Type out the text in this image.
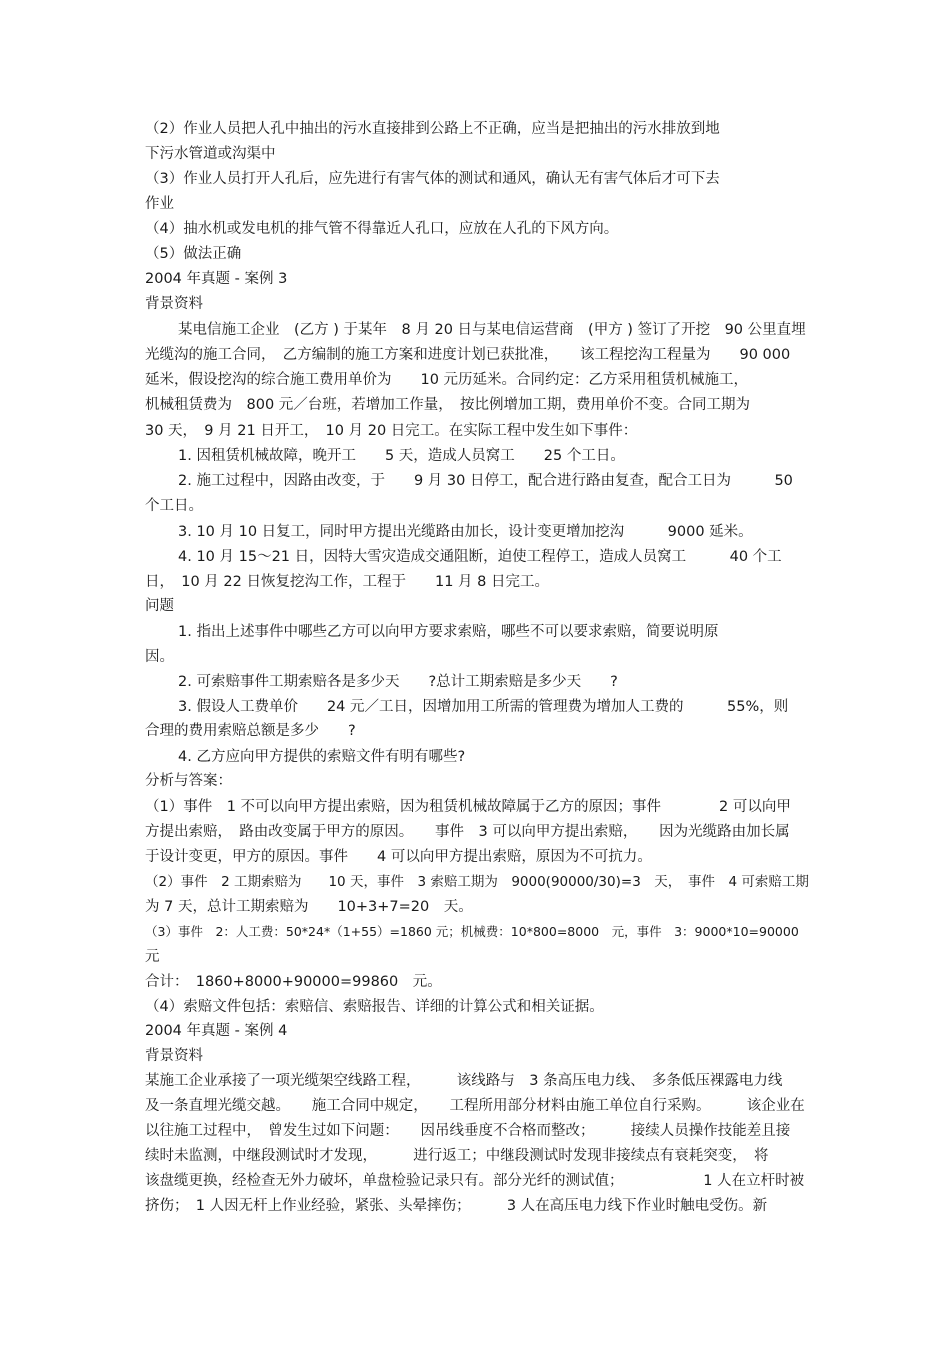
（2）作业人员把人孔中抽出的污水直接排到公路上不正确，应当是把抽出的污水排放到地
下污水管道或沟渠中
（3）作业人员打开人孔后，应先进行有害气体的测试和通风，确认无有害气体后才可下去
作业
（4）抽水机或发电机的排气管不得靠近人孔口，应放在人孔的下风方向。
（5）做法正确
2004 年真题 - 案例 3
背景资料
某电信施工企业　(乙方 ) 于某年　8 月 20 日与某电信运营商　(甲方 ) 签订了开挖　90 公里直埋
光缆沟的施工合同，　乙方编制的施工方案和进度计划已获批准，　　该工程挖沟工程量为　　90 000
延米，假设挖沟的综合施工费用单价为　　10 元历延米。合同约定：乙方采用租赁机械施工，
机械租赁费为　800 元／台班，若增加工作量，　按比例增加工期，费用单价不变。合同工期为
30 天，　9 月 21 日开工，　10 月 20 日完工。在实际工程中发生如下事件：
1. 因租赁机械故障，晚开工　　5 天，造成人员窝工　　25 个工日。
2. 施工过程中，因路由改变，于　　9 月 30 日停工，配合进行路由复查，配合工日为　　　50
个工日。
3. 10 月 10 日复工，同时甲方提出光缆路由加长，设计变更增加挖沟　　　9000 延米。
4. 10 月 15～21 日，因特大雪灾造成交通阻断，迫使工程停工，造成人员窝工　　　40 个工
日，　10 月 22 日恢复挖沟工作，工程于　　11 月 8 日完工。
问题
1. 指出上述事件中哪些乙方可以向甲方要求索赔，哪些不可以要求索赔，简要说明原
因。
2. 可索赔事件工期索赔各是多少天　　?总计工期索赔是多少天　　?
3. 假设人工费单价　　24 元／工日，因增加用工所需的管理费为增加人工费的　　　55%，则
合理的费用索赔总额是多少　　?
4. 乙方应向甲方提供的索赔文件有明有哪些?
分析与答案：
（1）事件　1 不可以向甲方提出索赔，因为租赁机械故障属于乙方的原因；事件　　　　2 可以向甲
方提出索赔，　路由改变属于甲方的原因。　　事件　3 可以向甲方提出索赔，　　因为光缆路由加长属
于设计变更，甲方的原因。事件　　4 可以向甲方提出索赔，原因为不可抗力。
（2）事件　2 工期索赔为　　10 天，事件　3 索赔工期为　9000(90000/30)=3　天，　事件　4 可索赔工期
为 7 天，总计工期索赔为　　10+3+7=20　天。
（3）事件　2：人工费：50*24*（1+55）=1860 元；机械费：10*800=8000　元，事件　3：9000*10=90000
元
合计：　1860+8000+90000=99860　元。
（4）索赔文件包括：索赔信、索赔报告、详细的计算公式和相关证据。
2004 年真题 - 案例 4
背景资料
某施工企业承接了一项光缆架空线路工程，　　　该线路与　3 条高压电力线、　多条低压裸露电力线
及一条直埋光缆交越。　　施工合同中规定，　　工程所用部分材料由施工单位自行采购。　　　该企业在
以往施工过程中，　曾发生过如下问题：　　因吊线垂度不合格而整改；　　　接续人员操作技能差且接
续时未监测，中继段测试时才发现，　　　进行返工；中继段测试时发现非接续点有衰耗突变，　将
该盘缆更换，经检查无外力破坏，单盘检验记录只有。部分光纤的测试值；　　　　　　1 人在立杆时被
挤伤；　1 人因无杆上作业经验，紧张、头晕摔伤；　　　3 人在高压电力线下作业时触电受伤。新
